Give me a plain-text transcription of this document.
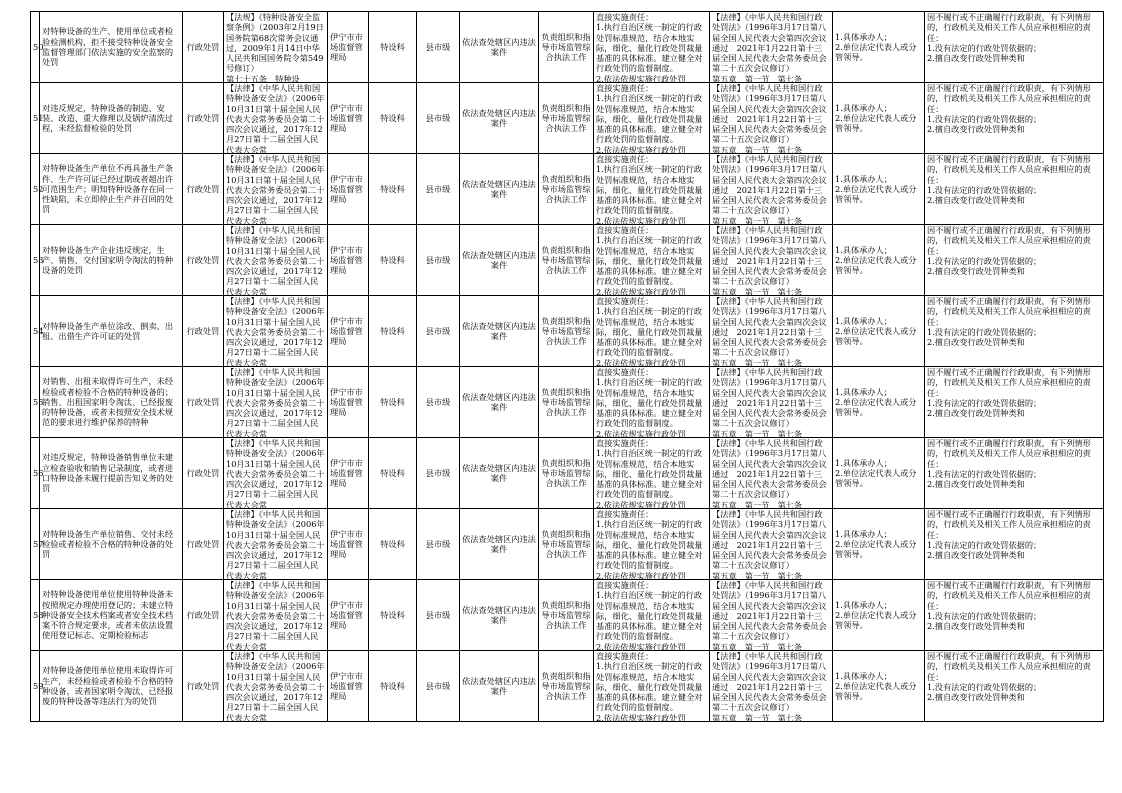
50	对特种设备的生产、使用单位或者检验检测机构，拒不接受特种设备安全监督管理部门依法实施的安全监察的处罚	行政处罚	【法规】《特种设备安全监察条例》（2003年2月19日国务院第68次常务会议通过，2009年1月14日中华人民共和国国务院令第549号修订）
第七十五条　特种设	伊宁市市场监督管理局	特设科	县市级	依法查处辖区内违法案件	负责组织和指导市场监管综合执法工作	直接实施责任：
1.执行自治区统一制定的行政处罚标准规范，结合本地实际，细化、量化行政处罚裁量基准的具体标准。建立健全对行政处罚的监督制度。
2.依法依规实施行政处罚	【法律】《中华人民共和国行政处罚法》（1996年3月17日第八届全国人民代表大会第四次会议通过　2021年1月22日第十三届全国人民代表大会常务委员会第二十五次会议修订）
第五章　第一节　第七条	1.具体承办人；
2.单位法定代表人或分管领导。	因不履行或不正确履行行政职责，有下列情形的，行政机关及相关工作人员应承担相应的责任：
1.没有法定的行政处罚依据的；
2.擅自改变行政处罚种类和

51	对违反规定，特种设备的制造、安装、改造、重大修理以及锅炉清洗过程，未经监督检验的处罚	行政处罚	【法律】《中华人民共和国特种设备安全法》（2006年10月31日第十届全国人民代表大会常务委员会第二十四次会议通过，2017年12月27日第十二届全国人民代表大会常	伊宁市市场监督管理局	特设科	县市级	依法查处辖区内违法案件	负责组织和指导市场监管综合执法工作	直接实施责任：
1.执行自治区统一制定的行政处罚标准规范，结合本地实际，细化、量化行政处罚裁量基准的具体标准。建立健全对行政处罚的监督制度。
2.依法依规实施行政处罚	【法律】《中华人民共和国行政处罚法》（1996年3月17日第八届全国人民代表大会第四次会议通过　2021年1月22日第十三届全国人民代表大会常务委员会第二十五次会议修订）
第五章　第一节　第七条	1.具体承办人；
2.单位法定代表人或分管领导。	因不履行或不正确履行行政职责，有下列情形的，行政机关及相关工作人员应承担相应的责任：
1.没有法定的行政处罚依据的；
2.擅自改变行政处罚种类和

52	对特种设备生产单位不再具备生产条件、生产许可证已经过期或者超出许可范围生产；明知特种设备存在同一性缺陷，未立即停止生产并召回的处罚	行政处罚	【法律】《中华人民共和国特种设备安全法》（2006年10月31日第十届全国人民代表大会常务委员会第二十四次会议通过，2017年12月27日第十二届全国人民代表大会常	伊宁市市场监督管理局	特设科	县市级	依法查处辖区内违法案件	负责组织和指导市场监管综合执法工作	直接实施责任：
1.执行自治区统一制定的行政处罚标准规范，结合本地实际，细化、量化行政处罚裁量基准的具体标准。建立健全对行政处罚的监督制度。
2.依法依规实施行政处罚	【法律】《中华人民共和国行政处罚法》（1996年3月17日第八届全国人民代表大会第四次会议通过　2021年1月22日第十三届全国人民代表大会常务委员会第二十五次会议修订）
第五章　第一节　第七条	1.具体承办人；
2.单位法定代表人或分管领导。	因不履行或不正确履行行政职责，有下列情形的，行政机关及相关工作人员应承担相应的责任：
1.没有法定的行政处罚依据的；
2.擅自改变行政处罚种类和

53	对特种设备生产企业违反规定，生产、销售、交付国家明令淘汰的特种设备的处罚	行政处罚	【法律】《中华人民共和国特种设备安全法》（2006年10月31日第十届全国人民代表大会常务委员会第二十四次会议通过，2017年12月27日第十二届全国人民代表大会常	伊宁市市场监督管理局	特设科	县市级	依法查处辖区内违法案件	负责组织和指导市场监管综合执法工作	直接实施责任：
1.执行自治区统一制定的行政处罚标准规范，结合本地实际，细化、量化行政处罚裁量基准的具体标准。建立健全对行政处罚的监督制度。
2.依法依规实施行政处罚	【法律】《中华人民共和国行政处罚法》（1996年3月17日第八届全国人民代表大会第四次会议通过　2021年1月22日第十三届全国人民代表大会常务委员会第二十五次会议修订）
第五章　第一节　第七条	1.具体承办人；
2.单位法定代表人或分管领导。	因不履行或不正确履行行政职责，有下列情形的，行政机关及相关工作人员应承担相应的责任：
1.没有法定的行政处罚依据的；
2.擅自改变行政处罚种类和

54	对特种设备生产单位涂改、倒卖、出租、出借生产许可证的处罚	行政处罚	【法律】《中华人民共和国特种设备安全法》（2006年10月31日第十届全国人民代表大会常务委员会第二十四次会议通过，2017年12月27日第十二届全国人民代表大会常	伊宁市市场监督管理局	特设科	县市级	依法查处辖区内违法案件	负责组织和指导市场监管综合执法工作	直接实施责任：
1.执行自治区统一制定的行政处罚标准规范，结合本地实际，细化、量化行政处罚裁量基准的具体标准。建立健全对行政处罚的监督制度。
2.依法依规实施行政处罚	【法律】《中华人民共和国行政处罚法》（1996年3月17日第八届全国人民代表大会第四次会议通过　2021年1月22日第十三届全国人民代表大会常务委员会第二十五次会议修订）
第五章　第一节　第七条	1.具体承办人；
2.单位法定代表人或分管领导。	因不履行或不正确履行行政职责，有下列情形的，行政机关及相关工作人员应承担相应的责任：
1.没有法定的行政处罚依据的；
2.擅自改变行政处罚种类和

55	对销售、出租未取得许可生产，未经检验或者检验不合格的特种设备的；销售、出租国家明令淘汰、已经报废的特种设备，或者未按照安全技术规范的要求进行维护保养的特种	行政处罚	【法律】《中华人民共和国特种设备安全法》（2006年10月31日第十届全国人民代表大会常务委员会第二十四次会议通过，2017年12月27日第十二届全国人民代表大会常	伊宁市市场监督管理局	特设科	县市级	依法查处辖区内违法案件	负责组织和指导市场监管综合执法工作	直接实施责任：
1.执行自治区统一制定的行政处罚标准规范，结合本地实际，细化、量化行政处罚裁量基准的具体标准。建立健全对行政处罚的监督制度。
2.依法依规实施行政处罚	【法律】《中华人民共和国行政处罚法》（1996年3月17日第八届全国人民代表大会第四次会议通过　2021年1月22日第十三届全国人民代表大会常务委员会第二十五次会议修订）
第五章　第一节　第七条	1.具体承办人；
2.单位法定代表人或分管领导。	因不履行或不正确履行行政职责，有下列情形的，行政机关及相关工作人员应承担相应的责任：
1.没有法定的行政处罚依据的；
2.擅自改变行政处罚种类和

56	对违反规定，特种设备销售单位未建立检查验收和销售记录制度，或者进口特种设备未履行提前告知义务的处罚	行政处罚	【法律】《中华人民共和国特种设备安全法》（2006年10月31日第十届全国人民代表大会常务委员会第二十四次会议通过，2017年12月27日第十二届全国人民代表大会常	伊宁市市场监督管理局	特设科	县市级	依法查处辖区内违法案件	负责组织和指导市场监管综合执法工作	直接实施责任：
1.执行自治区统一制定的行政处罚标准规范，结合本地实际，细化、量化行政处罚裁量基准的具体标准。建立健全对行政处罚的监督制度。
2.依法依规实施行政处罚	【法律】《中华人民共和国行政处罚法》（1996年3月17日第八届全国人民代表大会第四次会议通过　2021年1月22日第十三届全国人民代表大会常务委员会第二十五次会议修订）
第五章　第一节　第七条	1.具体承办人；
2.单位法定代表人或分管领导。	因不履行或不正确履行行政职责，有下列情形的，行政机关及相关工作人员应承担相应的责任：
1.没有法定的行政处罚依据的；
2.擅自改变行政处罚种类和

57	对特种设备生产单位销售、交付未经检验或者检验不合格的特种设备的处罚	行政处罚	【法律】《中华人民共和国特种设备安全法》（2006年10月31日第十届全国人民代表大会常务委员会第二十四次会议通过，2017年12月27日第十二届全国人民代表大会常	伊宁市市场监督管理局	特设科	县市级	依法查处辖区内违法案件	负责组织和指导市场监管综合执法工作	直接实施责任：
1.执行自治区统一制定的行政处罚标准规范，结合本地实际，细化、量化行政处罚裁量基准的具体标准。建立健全对行政处罚的监督制度。
2.依法依规实施行政处罚	【法律】《中华人民共和国行政处罚法》（1996年3月17日第八届全国人民代表大会第四次会议通过　2021年1月22日第十三届全国人民代表大会常务委员会第二十五次会议修订）
第五章　第一节　第七条	1.具体承办人；
2.单位法定代表人或分管领导。	因不履行或不正确履行行政职责，有下列情形的，行政机关及相关工作人员应承担相应的责任：
1.没有法定的行政处罚依据的；
2.擅自改变行政处罚种类和

58	对特种设备使用单位使用特种设备未按照规定办理使用登记的；未建立特种设备安全技术档案或者安全技术档案不符合规定要求，或者未依法设置使用登记标志、定期检验标志	行政处罚	【法律】《中华人民共和国特种设备安全法》（2006年10月31日第十届全国人民代表大会常务委员会第二十四次会议通过，2017年12月27日第十二届全国人民代表大会常	伊宁市市场监督管理局	特设科	县市级	依法查处辖区内违法案件	负责组织和指导市场监管综合执法工作	直接实施责任：
1.执行自治区统一制定的行政处罚标准规范，结合本地实际，细化、量化行政处罚裁量基准的具体标准。建立健全对行政处罚的监督制度。
2.依法依规实施行政处罚	【法律】《中华人民共和国行政处罚法》（1996年3月17日第八届全国人民代表大会第四次会议通过　2021年1月22日第十三届全国人民代表大会常务委员会第二十五次会议修订）
第五章　第一节　第七条	1.具体承办人；
2.单位法定代表人或分管领导。	因不履行或不正确履行行政职责，有下列情形的，行政机关及相关工作人员应承担相应的责任：
1.没有法定的行政处罚依据的；
2.擅自改变行政处罚种类和

59	对特种设备使用单位使用未取得许可生产，未经检验或者检验不合格的特种设备，或者国家明令淘汰、已经报废的特种设备等违法行为的处罚	行政处罚	【法律】《中华人民共和国特种设备安全法》（2006年10月31日第十届全国人民代表大会常务委员会第二十四次会议通过，2017年12月27日第十二届全国人民代表大会常	伊宁市市场监督管理局	特设科	县市级	依法查处辖区内违法案件	负责组织和指导市场监管综合执法工作	直接实施责任：
1.执行自治区统一制定的行政处罚标准规范，结合本地实际，细化、量化行政处罚裁量基准的具体标准。建立健全对行政处罚的监督制度。
2.依法依规实施行政处罚	【法律】《中华人民共和国行政处罚法》（1996年3月17日第八届全国人民代表大会第四次会议通过　2021年1月22日第十三届全国人民代表大会常务委员会第二十五次会议修订）
第五章　第一节　第七条	1.具体承办人；
2.单位法定代表人或分管领导。	因不履行或不正确履行行政职责，有下列情形的，行政机关及相关工作人员应承担相应的责任：
1.没有法定的行政处罚依据的；
2.擅自改变行政处罚种类和
